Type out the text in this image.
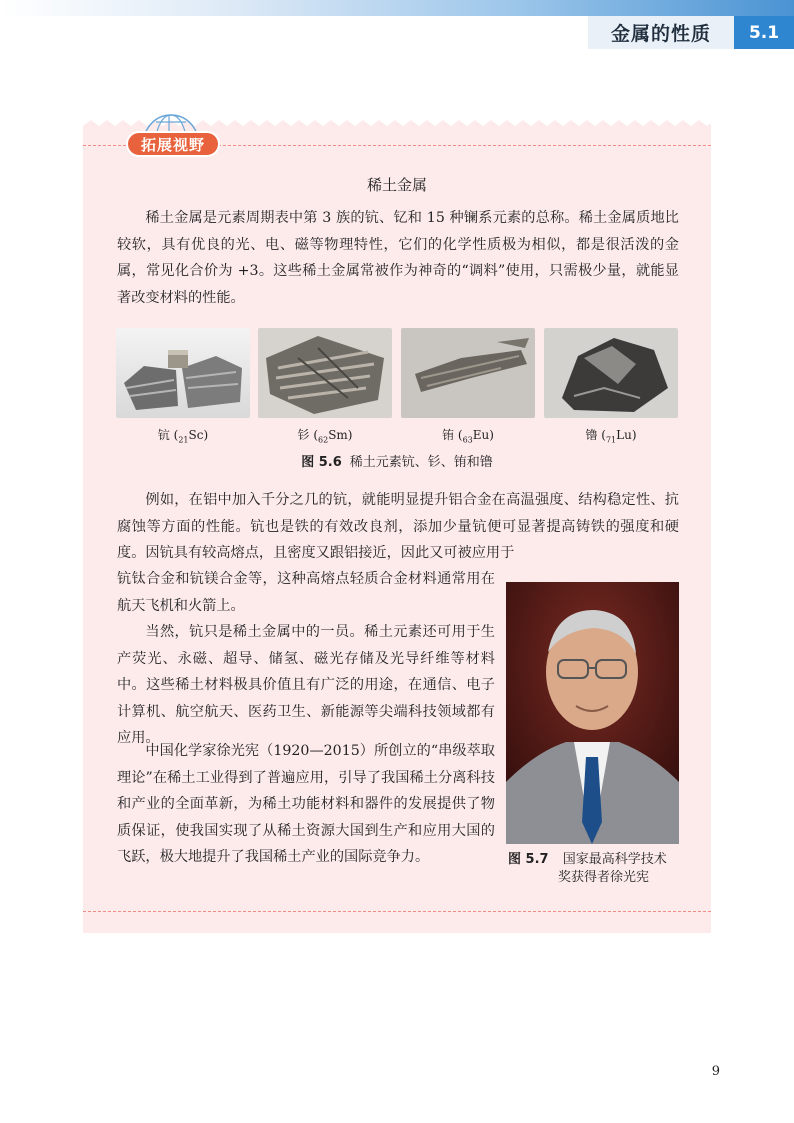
金属的性质	5.1
拓展视野
稀土金属

稀土金属是元素周期表中第 3 族的钪、钇和 15 种镧系元素的总称。稀土金属质地比较软，具有优良的光、电、磁等物理特性，它们的化学性质极为相似，都是很活泼的金属，常见化合价为 +3。这些稀土金属常被作为神奇的“调料”使用，只需极少量，就能显著改变材料的性能。

钪 $(_{21}Sc)$	钐 $(_{62}Sm)$	铕 $(_{63}Eu)$	镥 $(_{71}Lu)$
图 5.6 稀土元素钪、钐、铕和镥

例如，在铝中加入千分之几的钪，就能明显提升铝合金在高温强度、结构稳定性、抗腐蚀等方面的性能。钪也是铁的有效改良剂，添加少量钪便可显著提高铸铁的强度和硬度。因钪具有较高熔点，且密度又跟铝接近，因此又可被应用于

钪钛合金和钪镁合金等，这种高熔点轻质合金材料通常用在航天飞机和火箭上。

当然，钪只是稀土金属中的一员。稀土元素还可用于生产荧光、永磁、超导、储氢、磁光存储及光导纤维等材料中。这些稀土材料极具价值且有广泛的用途，在通信、电子计算机、航空航天、医药卫生、新能源等尖端科技领域都有应用。

中国化学家徐光宪（1920—2015）所创立的“串级萃取理论”在稀土工业得到了普遍应用，引导了我国稀土分离科技和产业的全面革新，为稀土功能材料和器件的发展提供了物质保证，使我国实现了从稀土资源大国到生产和应用大国的飞跃，极大地提升了我国稀土产业的国际竞争力。	图 5.7 国家最高科学技术
奖获得者徐光宪
9
